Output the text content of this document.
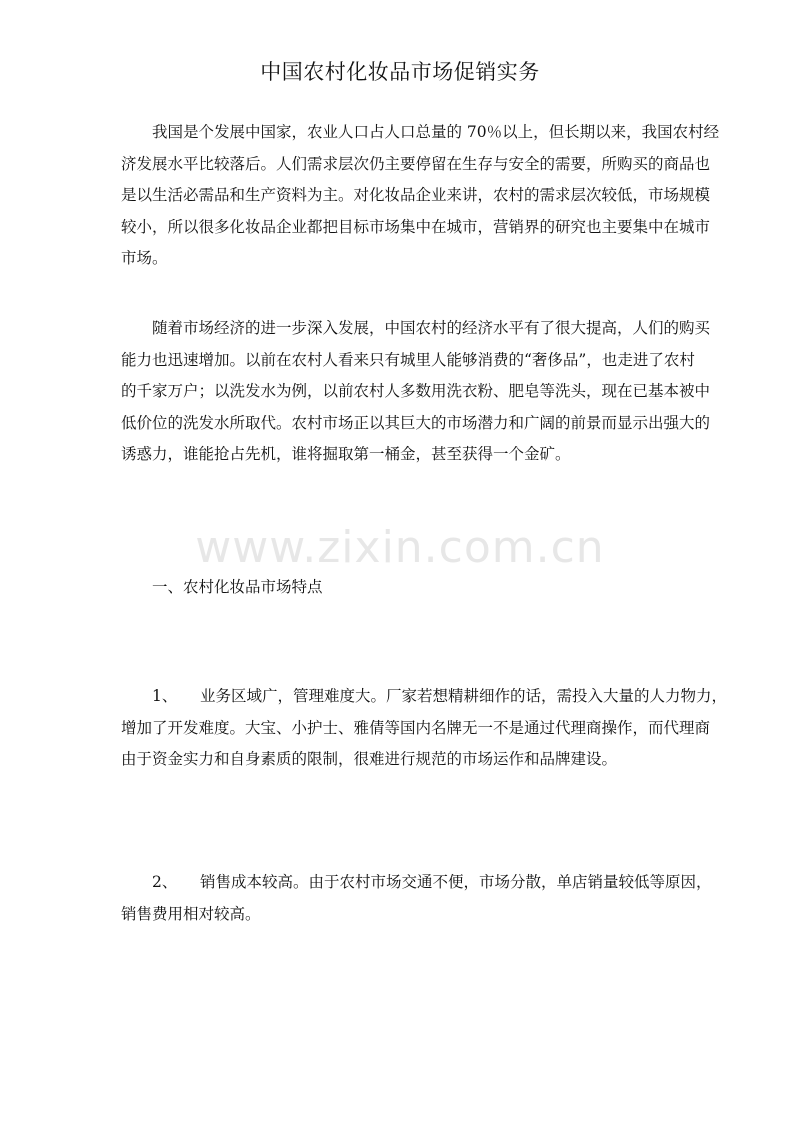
中国农村化妆品市场促销实务

我国是个发展中国家，农业人口占人口总量的 70％以上，但长期以来，我国农村经
济发展水平比较落后。人们需求层次仍主要停留在生存与安全的需要，所购买的商品也
是以生活必需品和生产资料为主。对化妆品企业来讲，农村的需求层次较低，市场规模
较小，所以很多化妆品企业都把目标市场集中在城市，营销界的研究也主要集中在城市
市场。

随着市场经济的进一步深入发展，中国农村的经济水平有了很大提高，人们的购买
能力也迅速增加。以前在农村人看来只有城里人能够消费的“奢侈品”，也走进了农村
的千家万户；以洗发水为例，以前农村人多数用洗衣粉、肥皂等洗头，现在已基本被中
低价位的洗发水所取代。农村市场正以其巨大的市场潜力和广阔的前景而显示出强大的
诱惑力，谁能抢占先机，谁将掘取第一桶金，甚至获得一个金矿。

www.zixin.com.cn

一、农村化妆品市场特点

1、 业务区域广，管理难度大。厂家若想精耕细作的话，需投入大量的人力物力，
增加了开发难度。大宝、小护士、雅倩等国内名牌无一不是通过代理商操作，而代理商
由于资金实力和自身素质的限制，很难进行规范的市场运作和品牌建设。

2、 销售成本较高。由于农村市场交通不便，市场分散，单店销量较低等原因，
销售费用相对较高。
